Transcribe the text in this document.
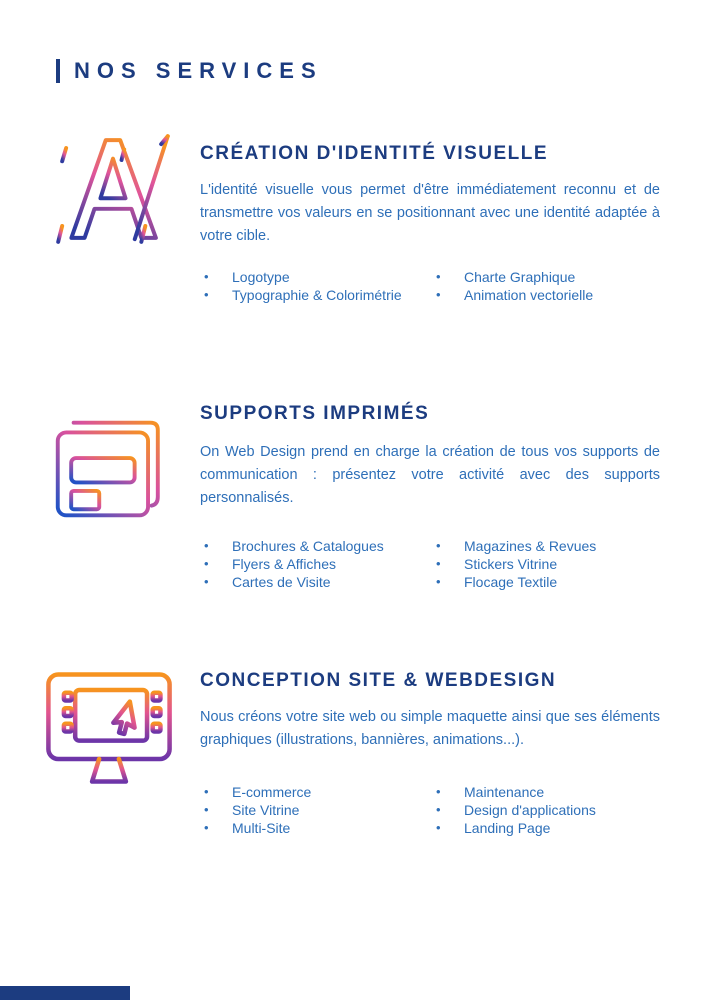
NOS SERVICES
CRÉATION D'IDENTITÉ VISUELLE

L'identité visuelle vous permet d'être immédiatement reconnu et de transmettre vos valeurs en se positionnant avec une identité adaptée à votre cible.

• Logotype
• Typographie & Colorimétrie
• Charte Graphique
• Animation vectorielle
SUPPORTS IMPRIMÉS

On Web Design prend en charge la création de tous vos supports de communication : présentez votre activité avec des supports personnalisés.

• Brochures & Catalogues
• Flyers & Affiches
• Cartes de Visite
• Magazines & Revues
• Stickers Vitrine
• Flocage Textile
CONCEPTION SITE & WEBDESIGN

Nous créons votre site web ou simple maquette ainsi que ses éléments graphiques (illustrations, bannières, animations...).

• E-commerce
• Site Vitrine
• Multi-Site
• Maintenance
• Design d'applications
• Landing Page
